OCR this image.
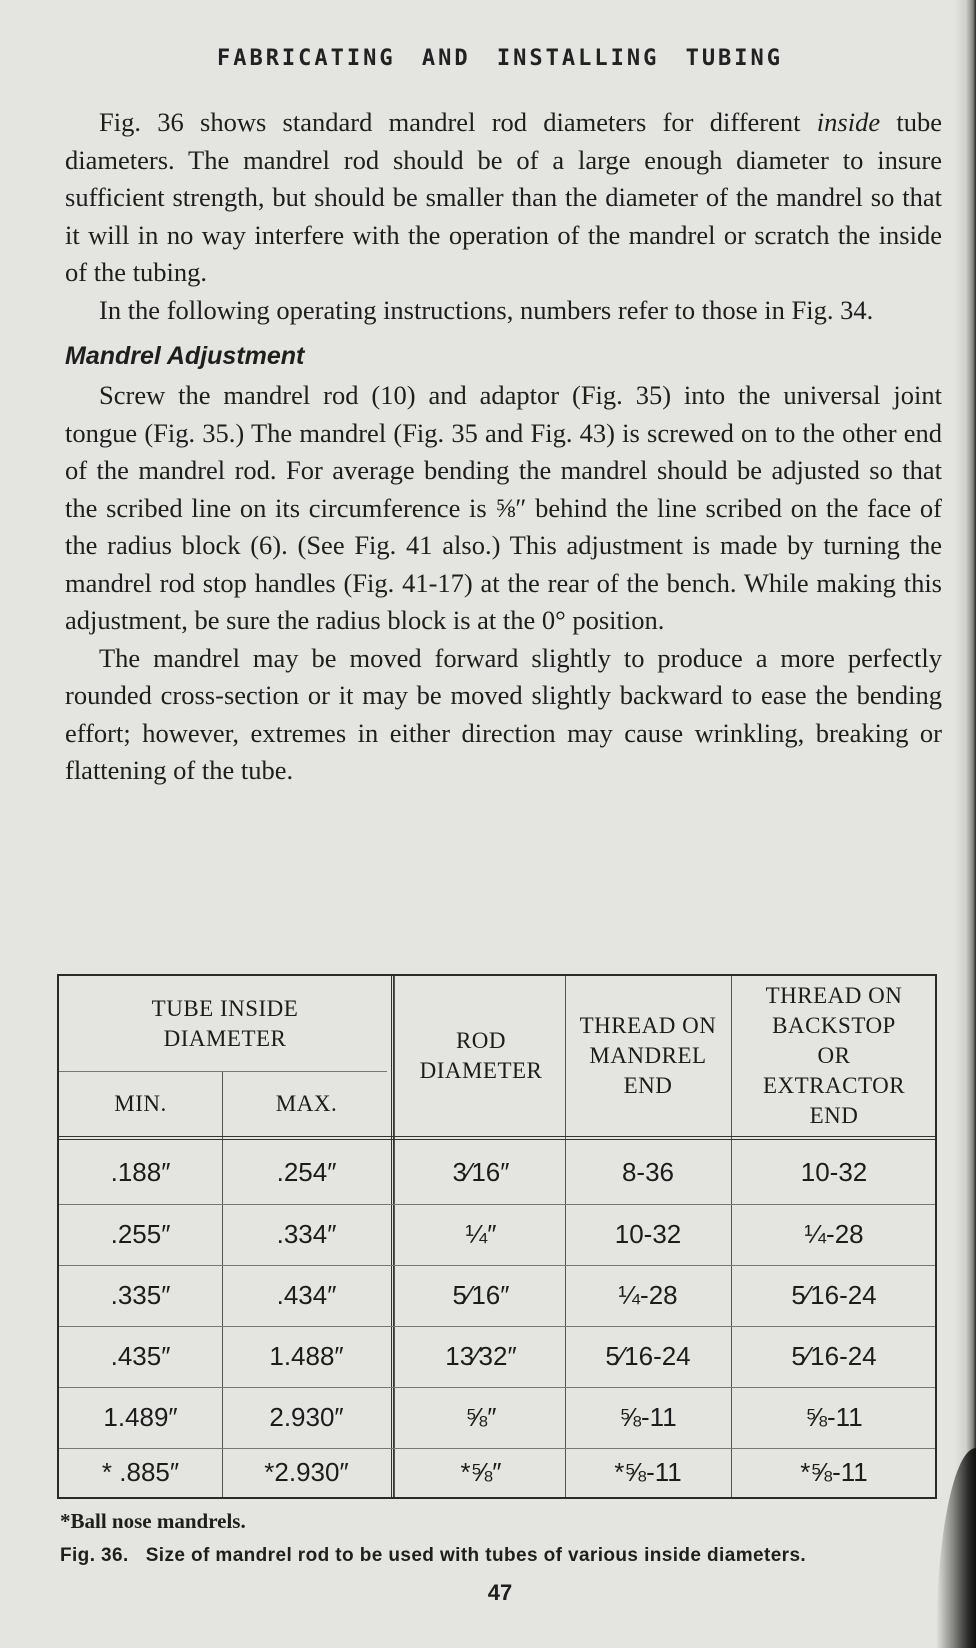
FABRICATING AND INSTALLING TUBING

Fig. 36 shows standard mandrel rod diameters for different inside tube diameters. The mandrel rod should be of a large enough diameter to insure sufficient strength, but should be smaller than the diameter of the mandrel so that it will in no way interfere with the operation of the mandrel or scratch the inside of the tubing.

In the following operating instructions, numbers refer to those in Fig. 34.

Mandrel Adjustment

Screw the mandrel rod (10) and adaptor (Fig. 35) into the universal joint tongue (Fig. 35.) The mandrel (Fig. 35 and Fig. 43) is screwed on to the other end of the mandrel rod. For average bending the mandrel should be adjusted so that the scribed line on its circumference is ⅝″ behind the line scribed on the face of the radius block (6). (See Fig. 41 also.) This adjustment is made by turning the mandrel rod stop handles (Fig. 41-17) at the rear of the bench. While making this adjustment, be sure the radius block is at the 0° position.

The mandrel may be moved forward slightly to produce a more perfectly rounded cross-section or it may be moved slightly backward to ease the bending effort; however, extremes in either direction may cause wrinkling, breaking or flattening of the tube.

TUBE INSIDE DIAMETER
MIN.	MAX.
ROD DIAMETER
THREAD ON MANDREL END
THREAD ON BACKSTOP OR EXTRACTOR END
.188″	.254″	3⁄16″	8-36	10-32
.255″	.334″	¼″	10-32	¼-28
.335″	.434″	5⁄16″	¼-28	5⁄16-24
.435″	1.488″	13⁄32″	5⁄16-24	5⁄16-24
1.489″	2.930″	⅝″	⅝-11	⅝-11
* .885″	*2.930″	*⅝″	*⅝-11	*⅝-11
*Ball nose mandrels.
Fig. 36.   Size of mandrel rod to be used with tubes of various inside diameters.
47
